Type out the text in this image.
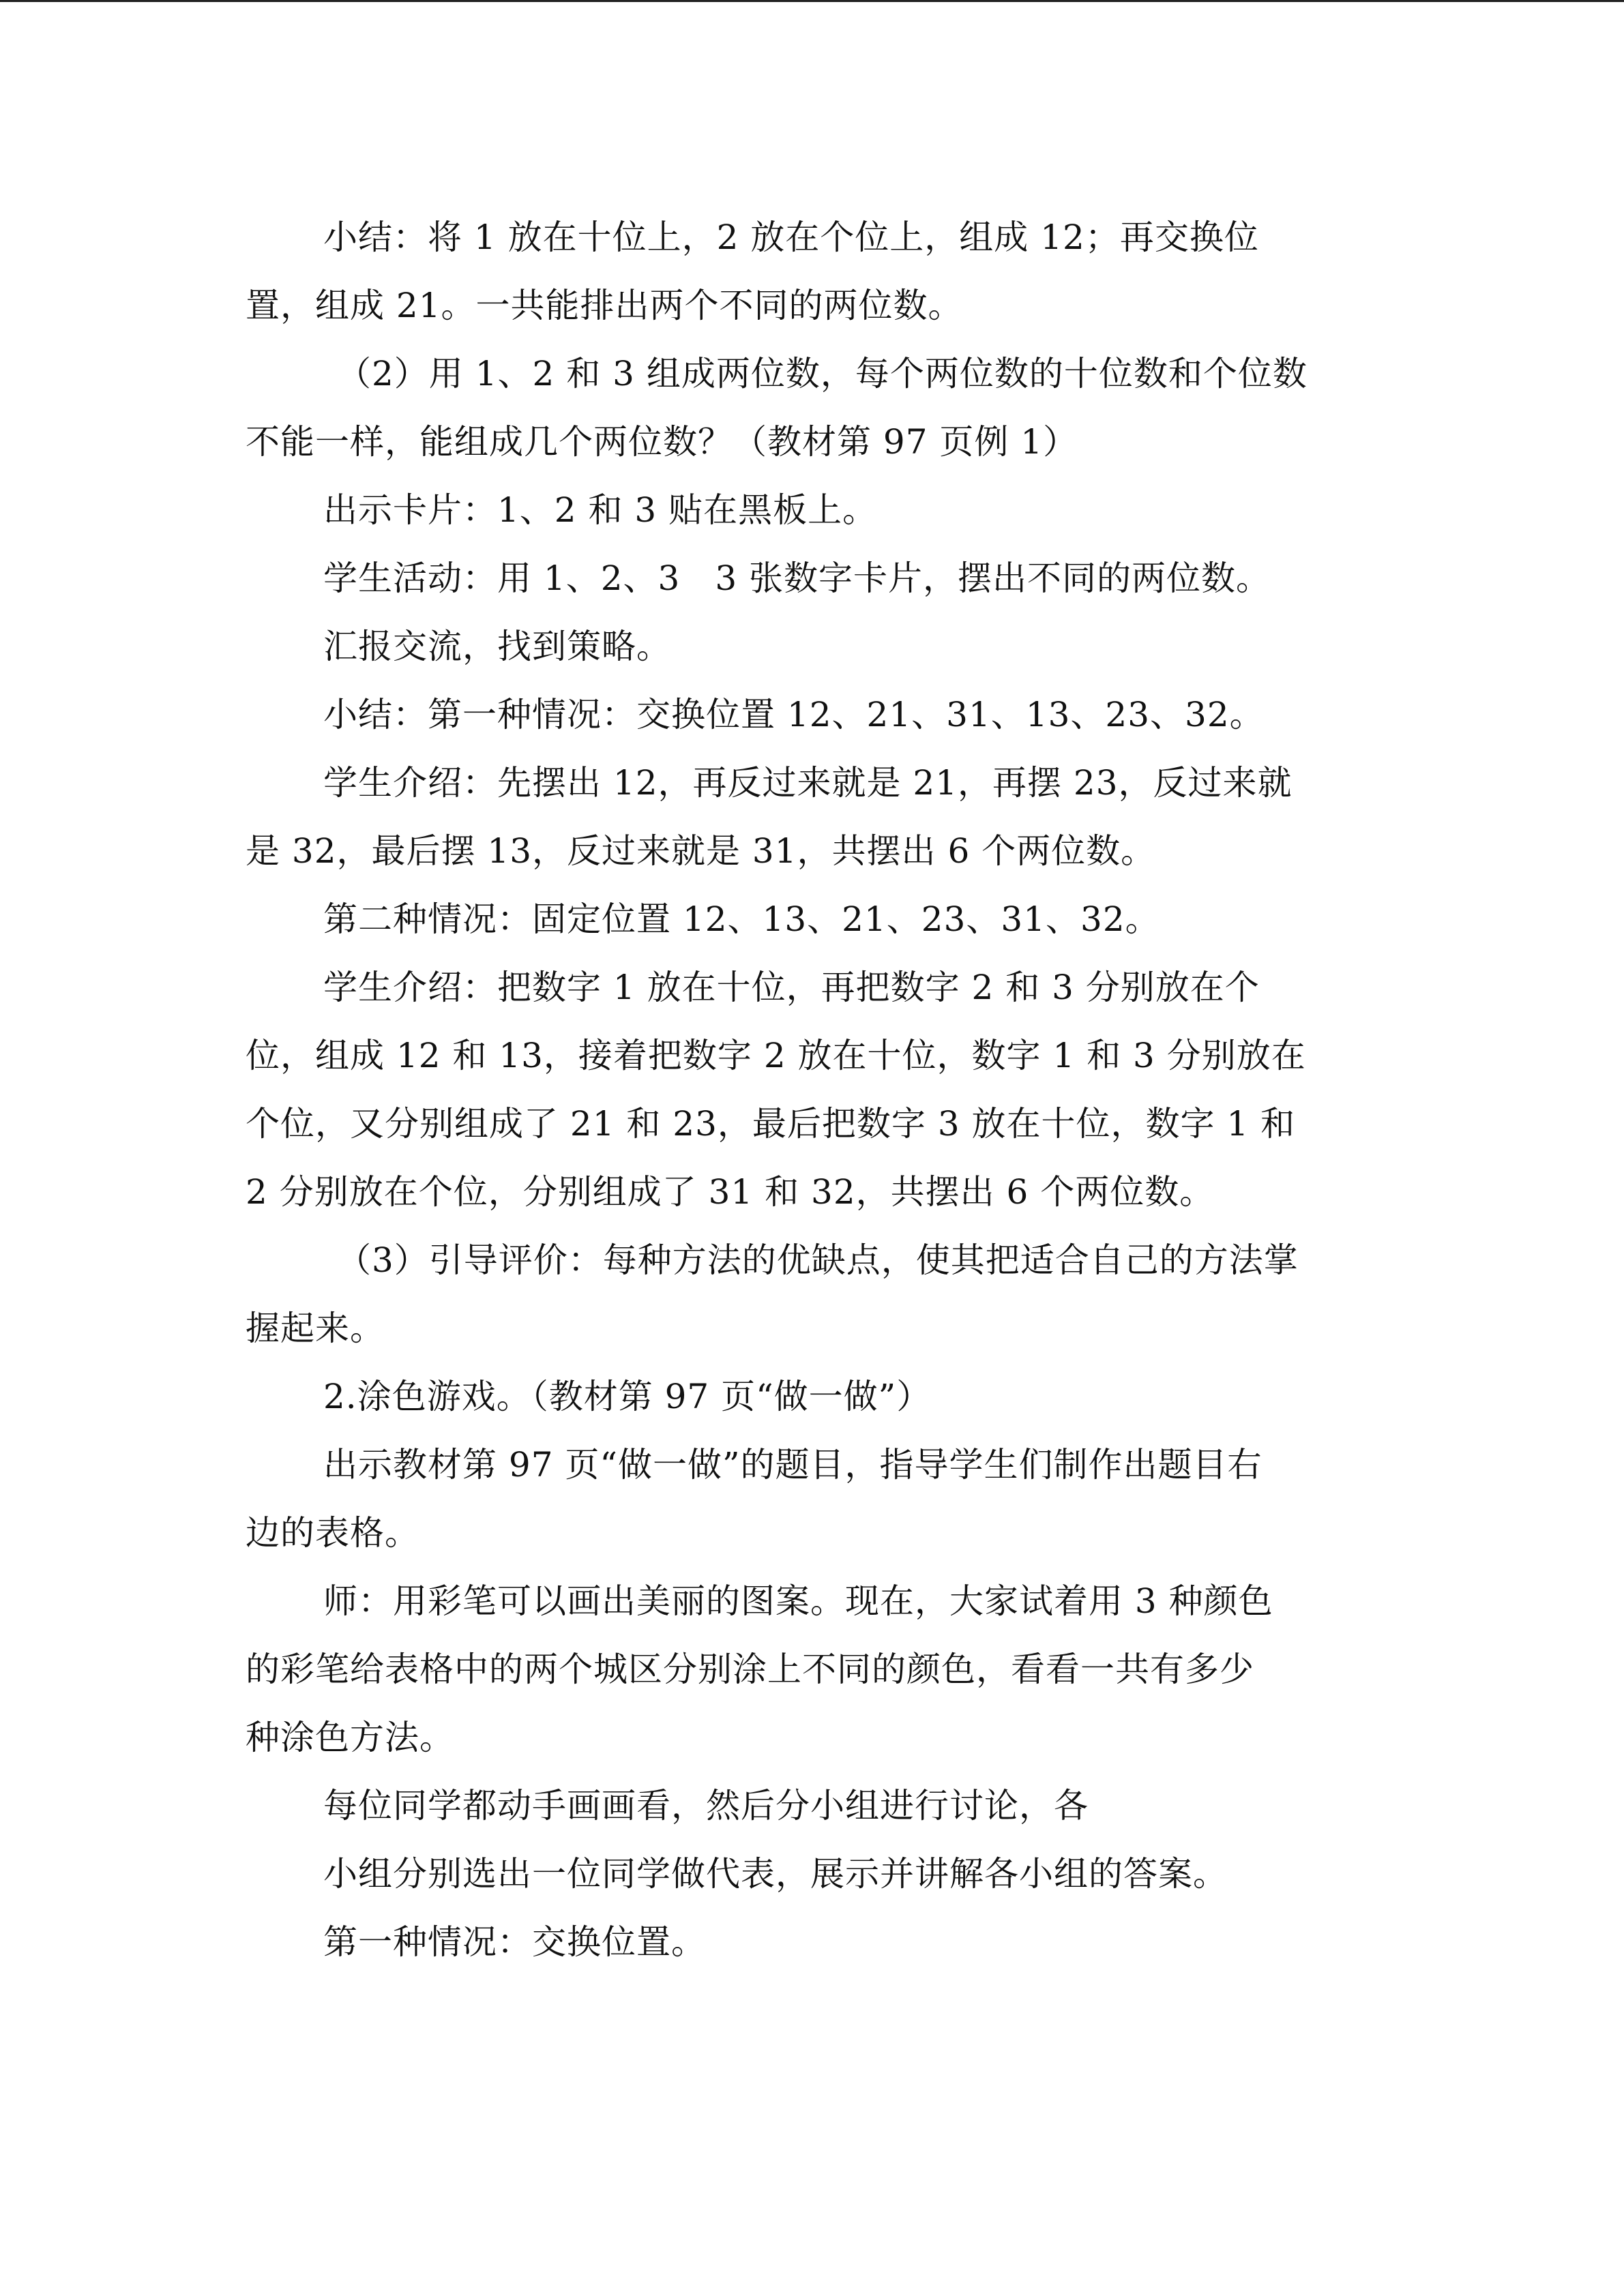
小结：将 1 放在十位上，2 放在个位上，组成 12；再交换位
置，组成 21。一共能排出两个不同的两位数。
（2）用 1、2 和 3 组成两位数，每个两位数的十位数和个位数
不能一样，能组成几个两位数？（教材第 97 页例 1）
出示卡片：1、2 和 3 贴在黑板上。
学生活动：用 1、2、3　3 张数字卡片，摆出不同的两位数。
汇报交流，找到策略。
小结：第一种情况：交换位置 12、21、31、13、23、32。
学生介绍：先摆出 12，再反过来就是 21，再摆 23，反过来就
是 32，最后摆 13，反过来就是 31，共摆出 6 个两位数。
第二种情况：固定位置 12、13、21、23、31、32。
学生介绍：把数字 1 放在十位，再把数字 2 和 3 分别放在个
位，组成 12 和 13，接着把数字 2 放在十位，数字 1 和 3 分别放在
个位，又分别组成了 21 和 23，最后把数字 3 放在十位，数字 1 和
2 分别放在个位，分别组成了 31 和 32，共摆出 6 个两位数。
（3）引导评价：每种方法的优缺点，使其把适合自己的方法掌
握起来。
2.涂色游戏。（教材第 97 页“做一做”）
出示教材第 97 页“做一做”的题目，指导学生们制作出题目右
边的表格。
师：用彩笔可以画出美丽的图案。现在，大家试着用 3 种颜色
的彩笔给表格中的两个城区分别涂上不同的颜色，看看一共有多少
种涂色方法。
每位同学都动手画画看，然后分小组进行讨论，各
小组分别选出一位同学做代表，展示并讲解各小组的答案。
第一种情况：交换位置。
